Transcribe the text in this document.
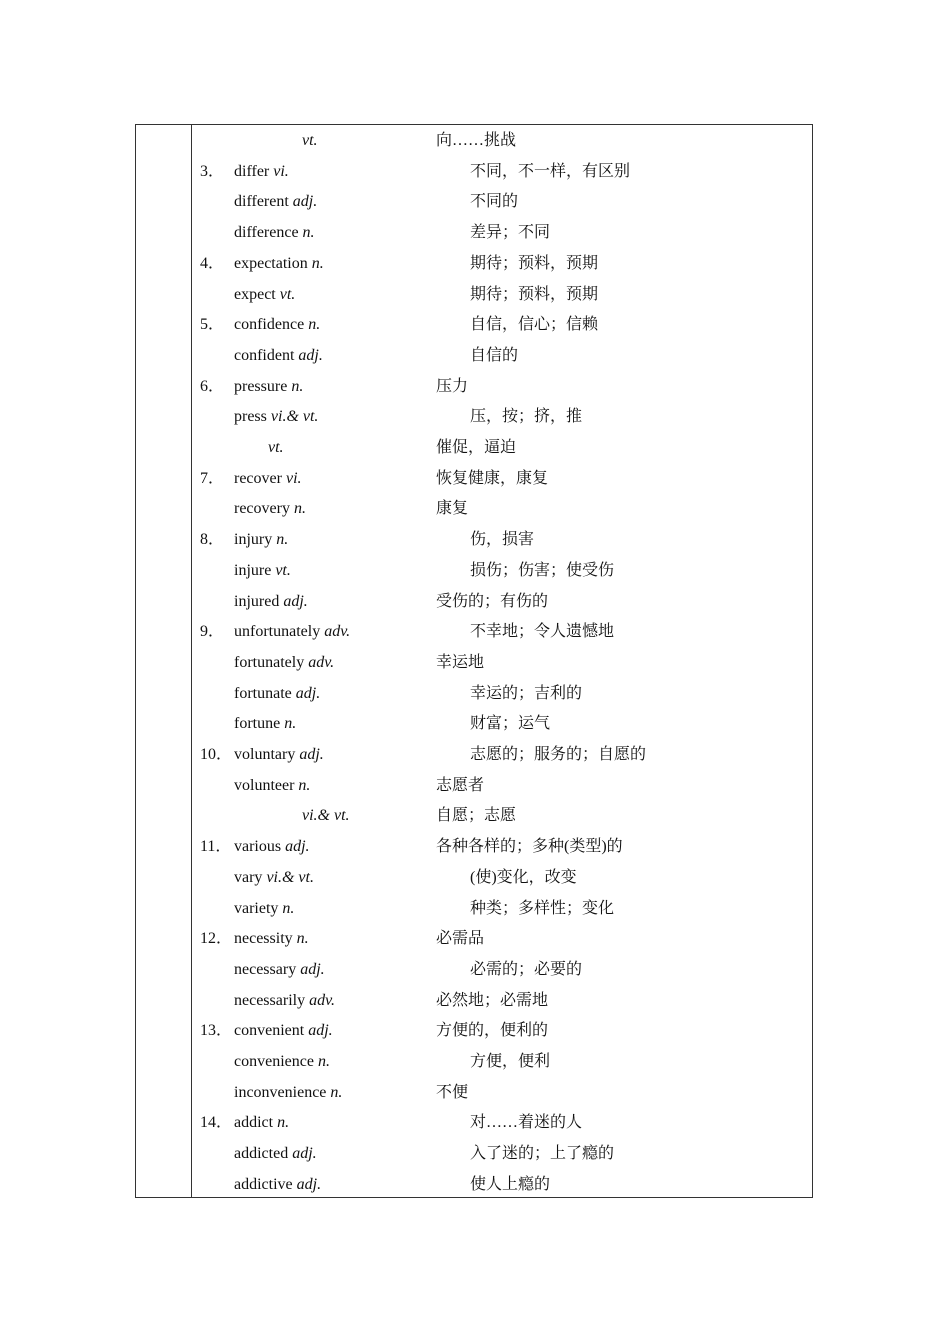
vt.	向……挑战
3． differ vi.	不同，不一样，有区别
different adj.	不同的
difference n.	差异；不同
4． expectation n.	期待；预料，预期
expect vt.	期待；预料，预期
5． confidence n.	自信，信心；信赖
confident adj.	自信的
6． pressure n.	压力
press vi.& vt.	压，按；挤，推
vt.	催促，逼迫
7． recover vi.	恢复健康，康复
recovery n.	康复
8． injury n.	伤，损害
injure vt.	损伤；伤害；使受伤
injured adj.	受伤的；有伤的
9． unfortunately adv.	不幸地；令人遗憾地
fortunately adv.	幸运地
fortunate adj.	幸运的；吉利的
fortune n.	财富；运气
10． voluntary adj.	志愿的；服务的；自愿的
volunteer n.	志愿者
vi.& vt.	自愿；志愿
11． various adj.	各种各样的；多种(类型)的
vary vi.& vt.	(使)变化，改变
variety n.	种类；多样性；变化
12． necessity n.	必需品
necessary adj.	必需的；必要的
necessarily adv.	必然地；必需地
13． convenient adj.	方便的，便利的
convenience n.	方便，便利
inconvenience n.	不便
14． addict n.	对……着迷的人
addicted adj.	入了迷的；上了瘾的
addictive adj.	使人上瘾的
